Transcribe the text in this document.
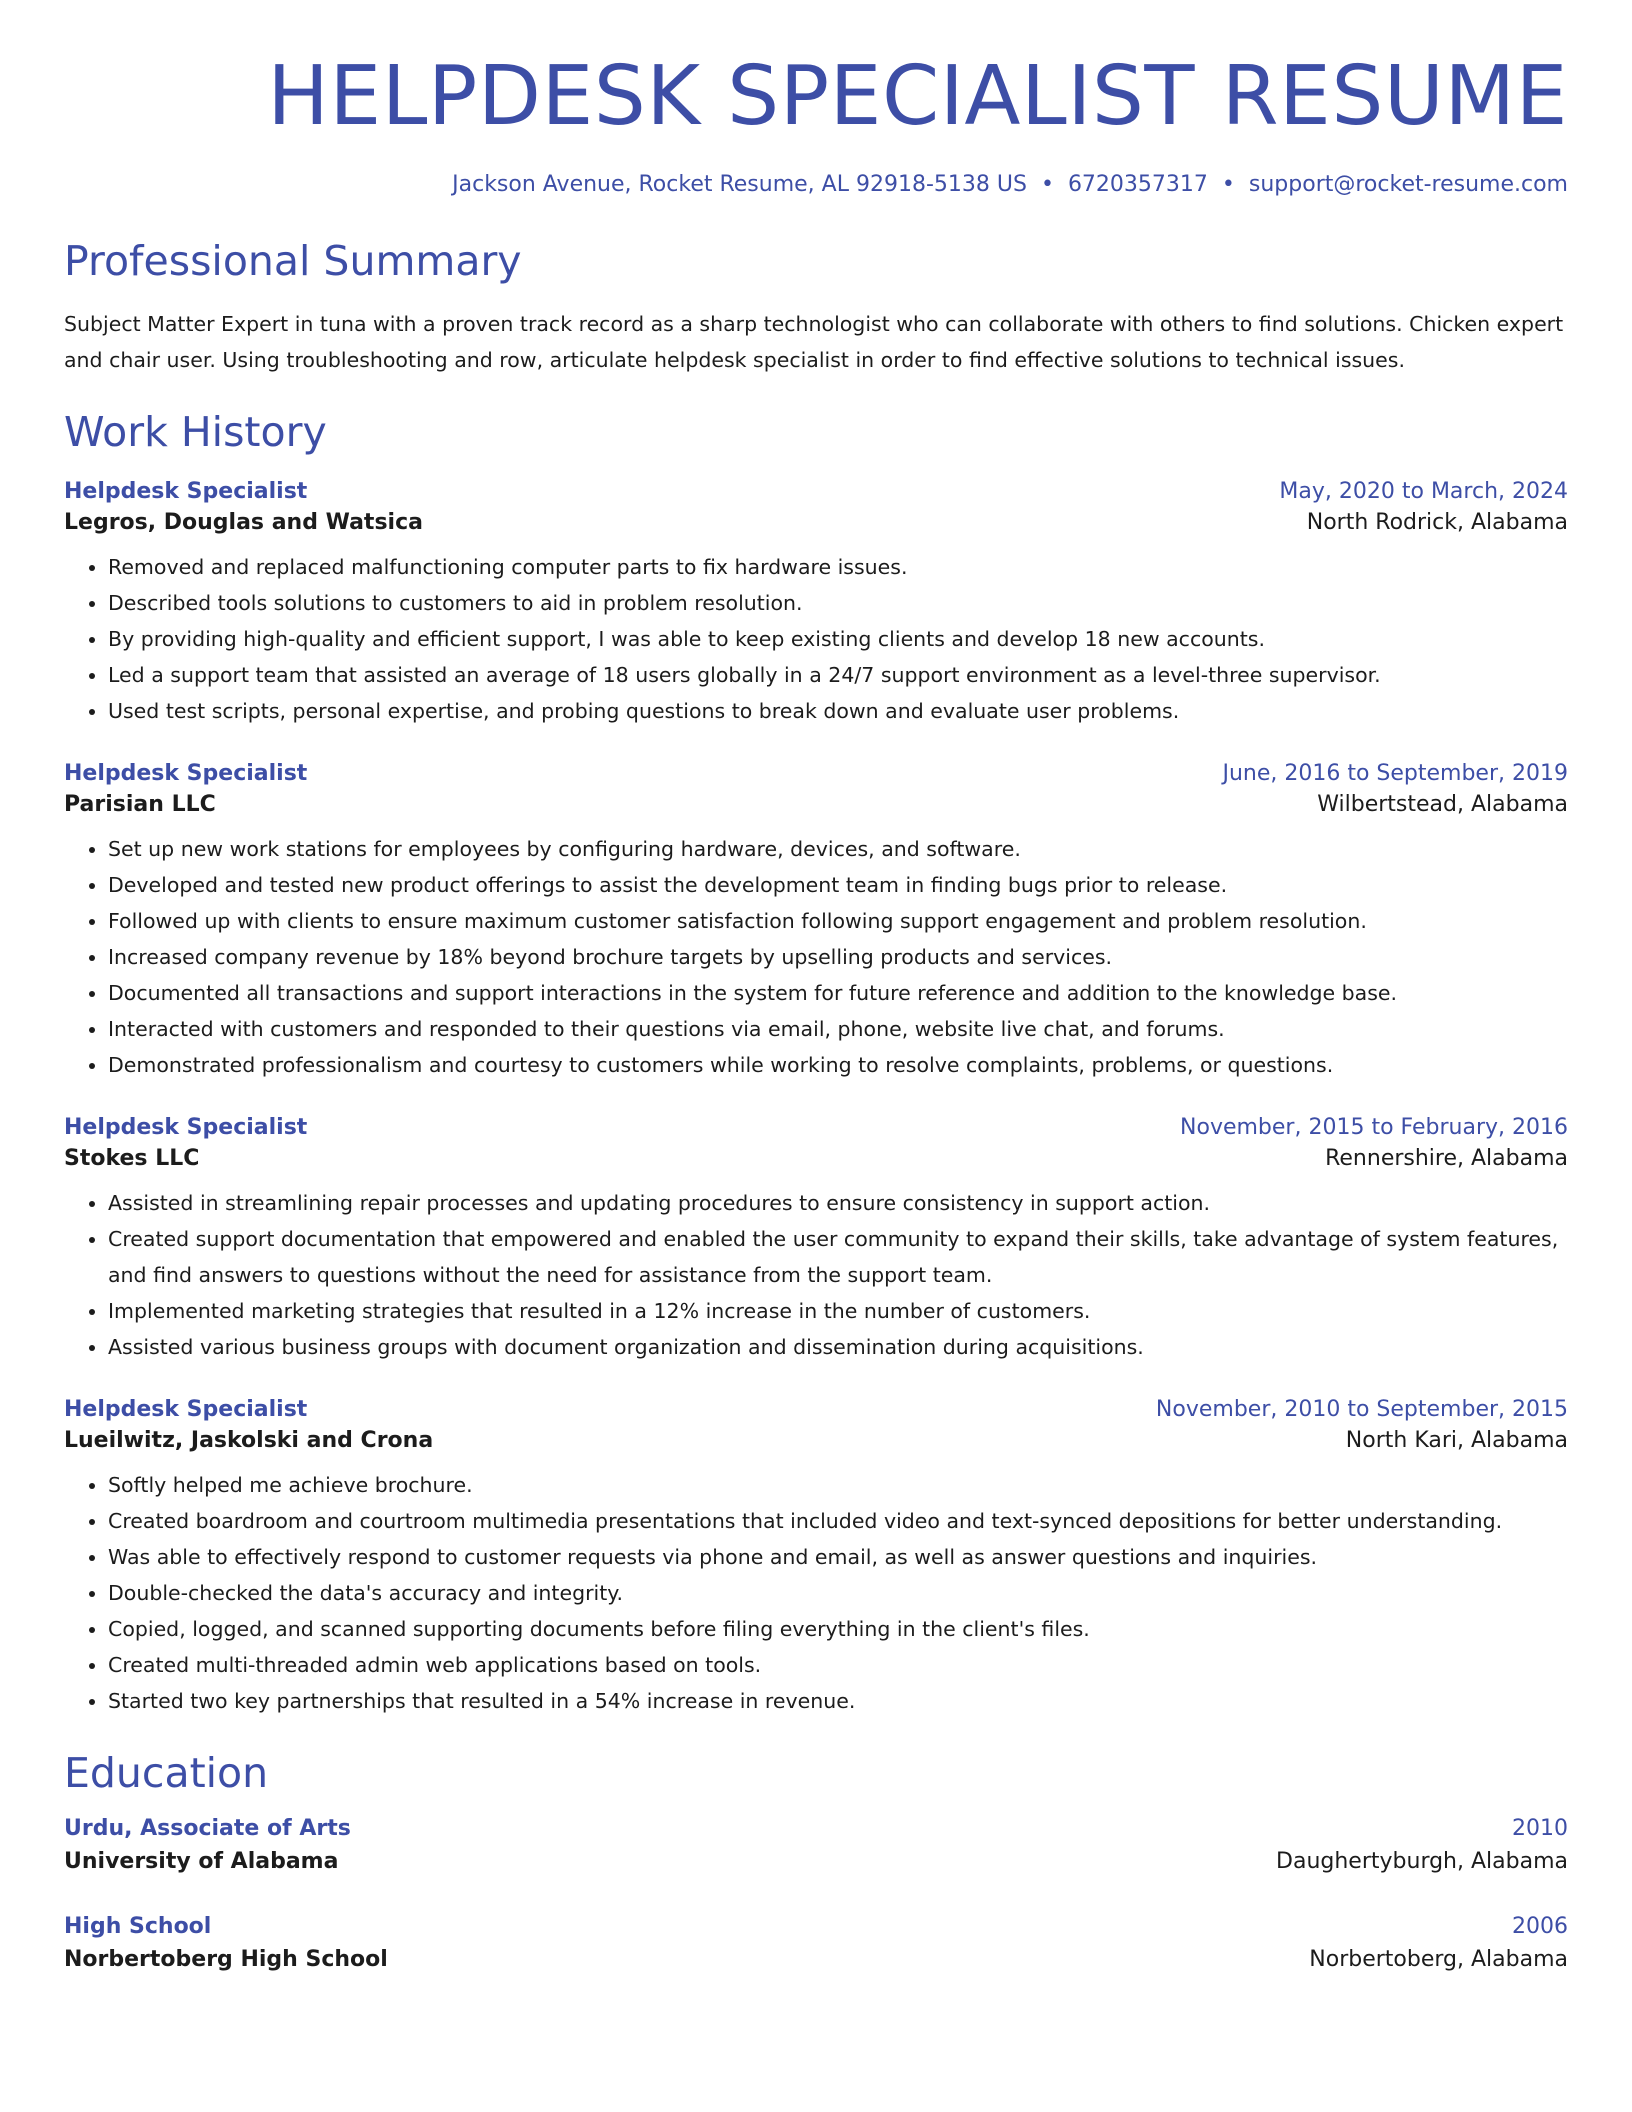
HELPDESK SPECIALIST RESUME
Jackson Avenue, Rocket Resume, AL 92918-5138 US • 6720357317 • support@rocket-resume.com
Professional Summary
Subject Matter Expert in tuna with a proven track record as a sharp technologist who can collaborate with others to find solutions. Chicken expert and chair user. Using troubleshooting and row, articulate helpdesk specialist in order to find effective solutions to technical issues.
Work History
Helpdesk Specialist	May, 2020 to March, 2024
Legros, Douglas and Watsica	North Rodrick, Alabama
• Removed and replaced malfunctioning computer parts to fix hardware issues.
• Described tools solutions to customers to aid in problem resolution.
• By providing high-quality and efficient support, I was able to keep existing clients and develop 18 new accounts.
• Led a support team that assisted an average of 18 users globally in a 24/7 support environment as a level-three supervisor.
• Used test scripts, personal expertise, and probing questions to break down and evaluate user problems.
Helpdesk Specialist	June, 2016 to September, 2019
Parisian LLC	Wilbertstead, Alabama
• Set up new work stations for employees by configuring hardware, devices, and software.
• Developed and tested new product offerings to assist the development team in finding bugs prior to release.
• Followed up with clients to ensure maximum customer satisfaction following support engagement and problem resolution.
• Increased company revenue by 18% beyond brochure targets by upselling products and services.
• Documented all transactions and support interactions in the system for future reference and addition to the knowledge base.
• Interacted with customers and responded to their questions via email, phone, website live chat, and forums.
• Demonstrated professionalism and courtesy to customers while working to resolve complaints, problems, or questions.
Helpdesk Specialist	November, 2015 to February, 2016
Stokes LLC	Rennershire, Alabama
• Assisted in streamlining repair processes and updating procedures to ensure consistency in support action.
• Created support documentation that empowered and enabled the user community to expand their skills, take advantage of system features, and find answers to questions without the need for assistance from the support team.
• Implemented marketing strategies that resulted in a 12% increase in the number of customers.
• Assisted various business groups with document organization and dissemination during acquisitions.
Helpdesk Specialist	November, 2010 to September, 2015
Lueilwitz, Jaskolski and Crona	North Kari, Alabama
• Softly helped me achieve brochure.
• Created boardroom and courtroom multimedia presentations that included video and text-synced depositions for better understanding.
• Was able to effectively respond to customer requests via phone and email, as well as answer questions and inquiries.
• Double-checked the data's accuracy and integrity.
• Copied, logged, and scanned supporting documents before filing everything in the client's files.
• Created multi-threaded admin web applications based on tools.
• Started two key partnerships that resulted in a 54% increase in revenue.
Education
Urdu, Associate of Arts	2010
University of Alabama	Daughertyburgh, Alabama
High School	2006
Norbertoberg High School	Norbertoberg, Alabama
